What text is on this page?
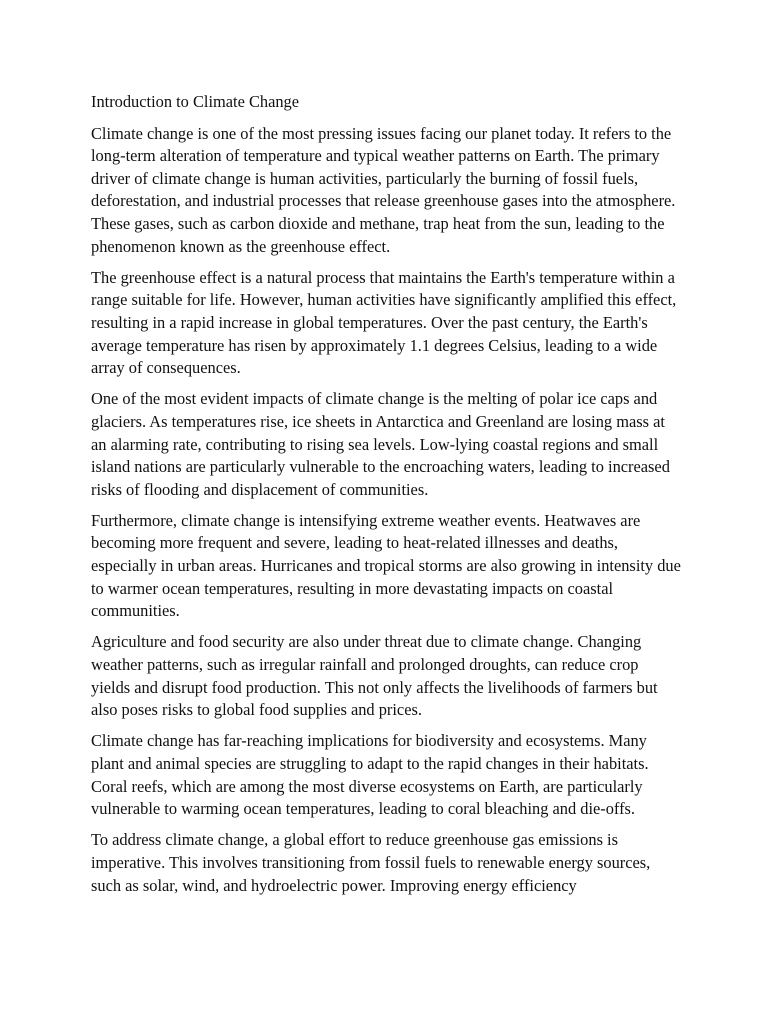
Introduction to Climate Change

Climate change is one of the most pressing issues facing our planet today. It refers to the long-term alteration of temperature and typical weather patterns on Earth. The primary driver of climate change is human activities, particularly the burning of fossil fuels, deforestation, and industrial processes that release greenhouse gases into the atmosphere. These gases, such as carbon dioxide and methane, trap heat from the sun, leading to the phenomenon known as the greenhouse effect.

The greenhouse effect is a natural process that maintains the Earth's temperature within a range suitable for life. However, human activities have significantly amplified this effect, resulting in a rapid increase in global temperatures. Over the past century, the Earth's average temperature has risen by approximately 1.1 degrees Celsius, leading to a wide array of consequences.

One of the most evident impacts of climate change is the melting of polar ice caps and glaciers. As temperatures rise, ice sheets in Antarctica and Greenland are losing mass at an alarming rate, contributing to rising sea levels. Low-lying coastal regions and small island nations are particularly vulnerable to the encroaching waters, leading to increased risks of flooding and displacement of communities.

Furthermore, climate change is intensifying extreme weather events. Heatwaves are becoming more frequent and severe, leading to heat-related illnesses and deaths, especially in urban areas. Hurricanes and tropical storms are also growing in intensity due to warmer ocean temperatures, resulting in more devastating impacts on coastal communities.

Agriculture and food security are also under threat due to climate change. Changing weather patterns, such as irregular rainfall and prolonged droughts, can reduce crop yields and disrupt food production. This not only affects the livelihoods of farmers but also poses risks to global food supplies and prices.

Climate change has far-reaching implications for biodiversity and ecosystems. Many plant and animal species are struggling to adapt to the rapid changes in their habitats. Coral reefs, which are among the most diverse ecosystems on Earth, are particularly vulnerable to warming ocean temperatures, leading to coral bleaching and die-offs.

To address climate change, a global effort to reduce greenhouse gas emissions is imperative. This involves transitioning from fossil fuels to renewable energy sources, such as solar, wind, and hydroelectric power. Improving energy efficiency
